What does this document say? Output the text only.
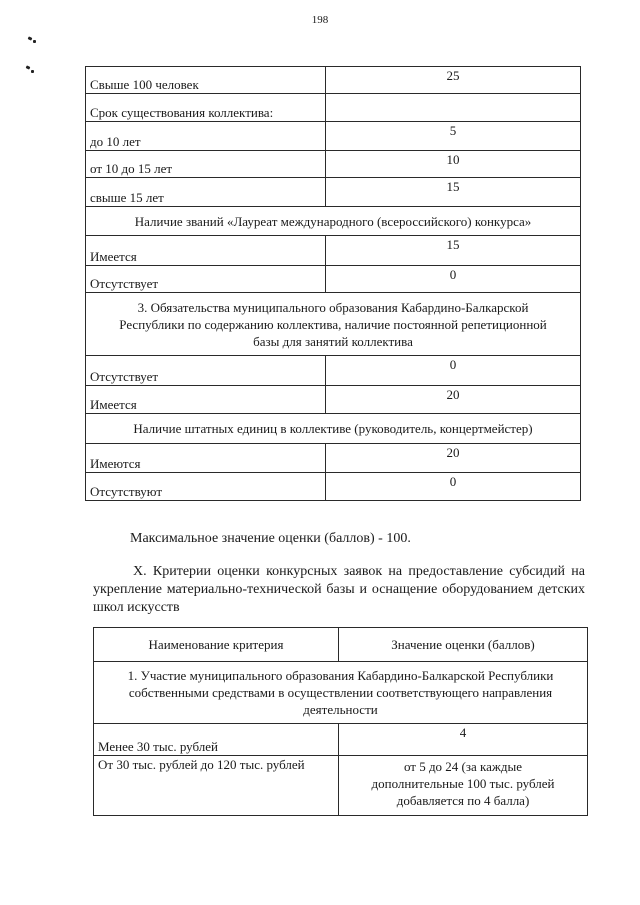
198
Свыше 100 человек	25
Срок существования коллектива:	
до 10 лет	5
от 10 до 15 лет	10
свыше 15 лет	15
Наличие званий «Лауреат международного (всероссийского) конкурса»	
Имеется	15
Отсутствует	0
3. Обязательства муниципального образования Кабардино-Балкарской Республики по содержанию коллектива, наличие постоянной репетиционной базы для занятий коллектива	
Отсутствует	0
Имеется	20
Наличие штатных единиц в коллективе (руководитель, концертмейстер)	
Имеются	20
Отсутствуют	0

Максимальное значение оценки (баллов) - 100.

X. Критерии оценки конкурсных заявок на предоставление субсидий на укрепление материально-технической базы и оснащение оборудованием детских школ искусств

Наименование критерия	Значение оценки (баллов)
1. Участие муниципального образования Кабардино-Балкарской Республики собственными средствами в осуществлении соответствующего направления деятельности	
Менее 30 тыс. рублей	4
От 30 тыс. рублей до 120 тыс. рублей	от 5 до 24 (за каждые дополнительные 100 тыс. рублей добавляется по 4 балла)
